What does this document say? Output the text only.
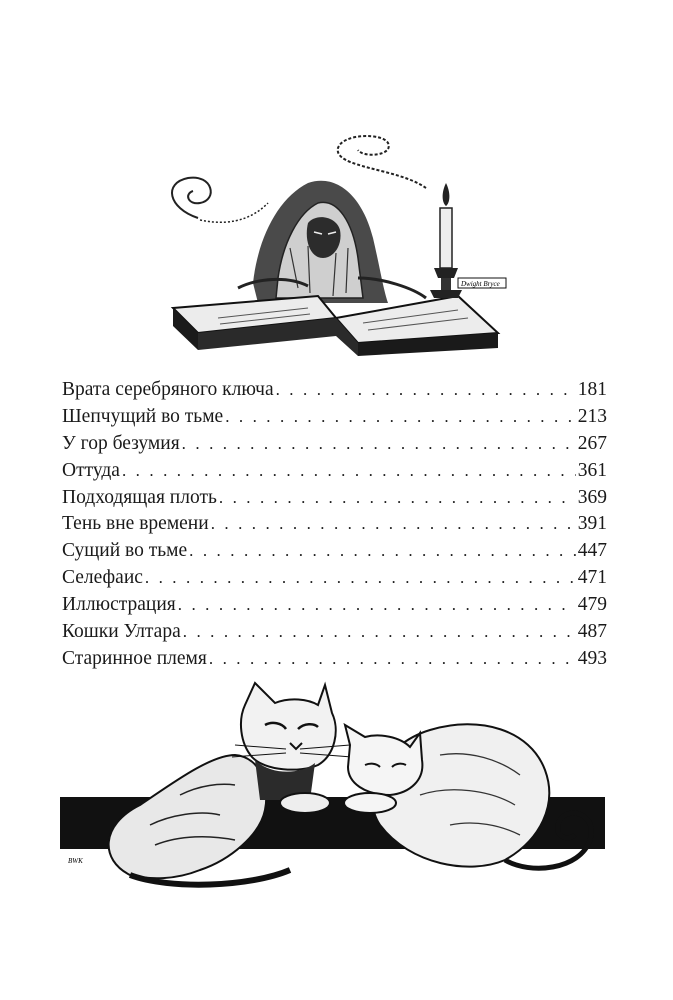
Dwight Bryce
Врата серебряного ключа . . .	181
Шепчущий во тьме . . .	213
У гор безумия . . .	267
Оттуда . . .	361
Подходящая плоть . . .	369
Тень вне времени . . .	391
Сущий во тьме . . .	447
Селефаис . . .	471
Иллюстрация . . .	479
Кошки Ултара . . .	487
Старинное племя . . .	493
BWK
